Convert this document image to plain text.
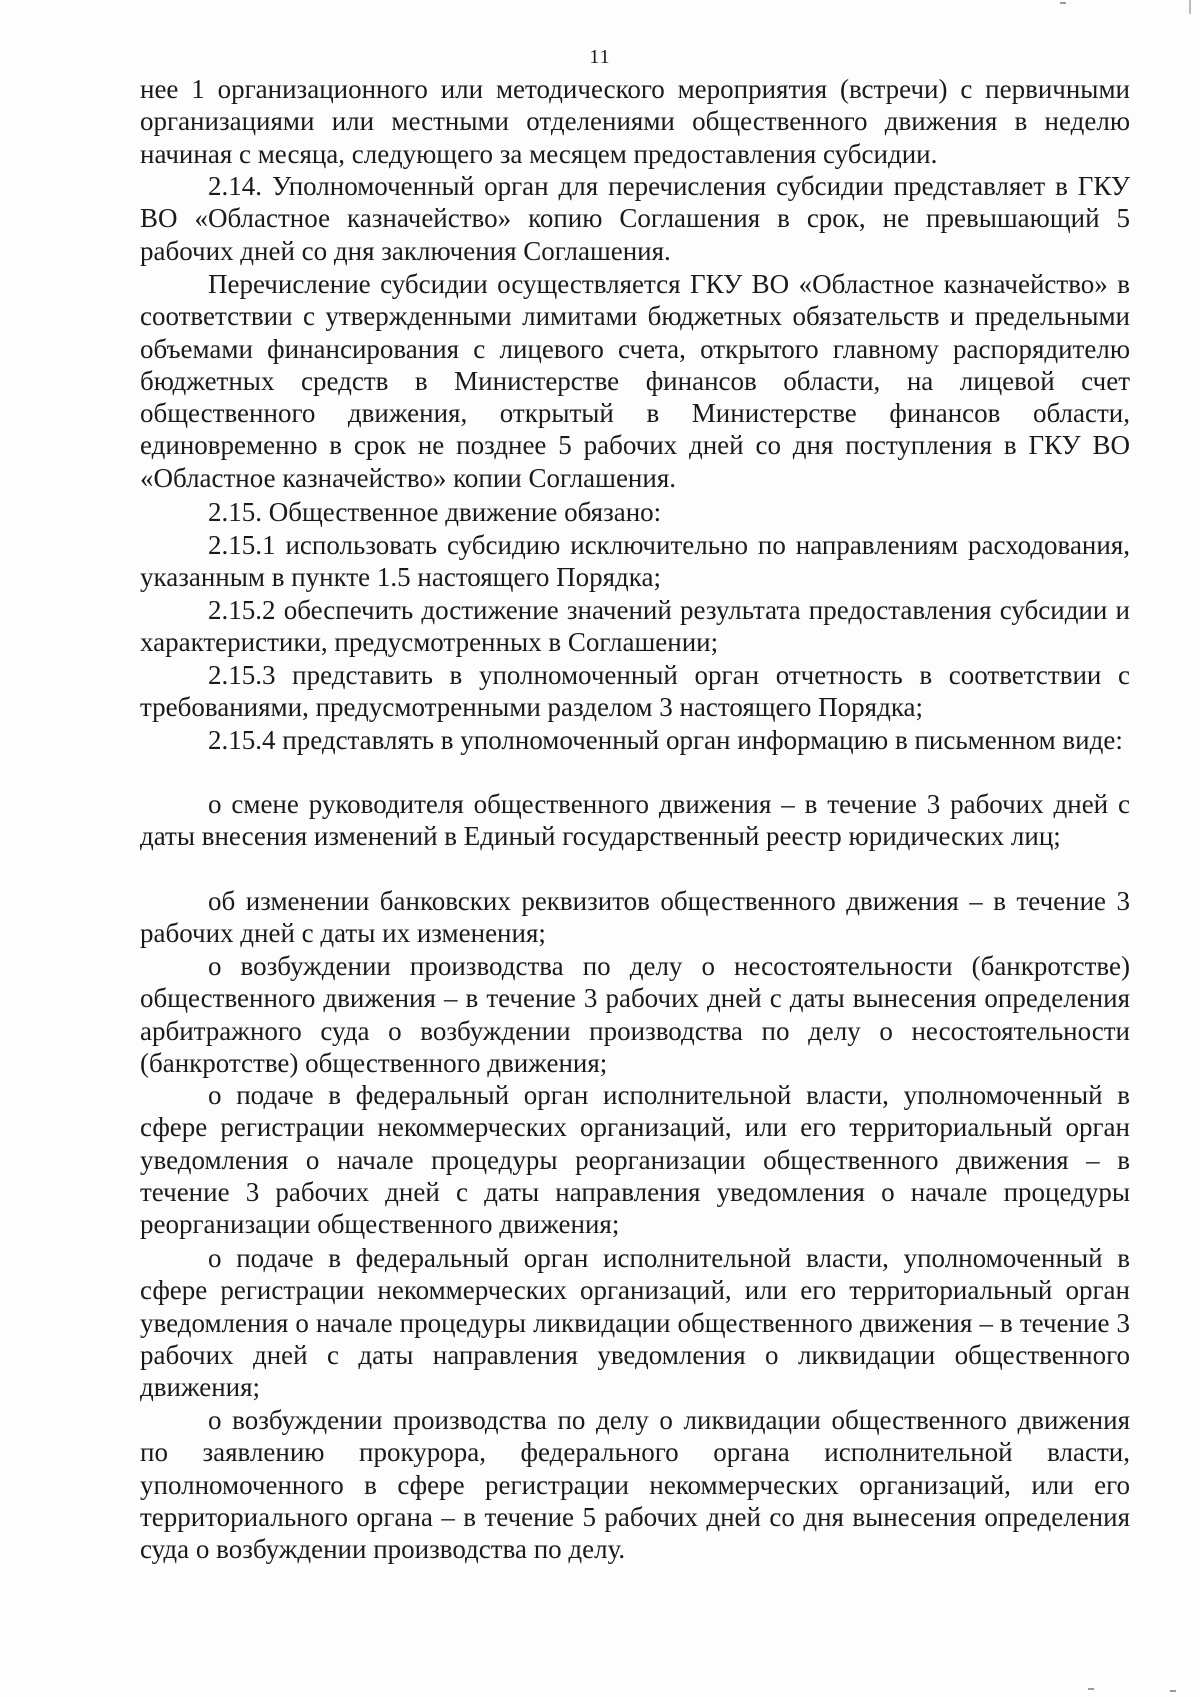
11

нее 1 организационного или методического мероприятия (встречи) с первичными организациями или местными отделениями общественного движения в неделю начиная с месяца, следующего за месяцем предоставления субсидии.

2.14. Уполномоченный орган для перечисления субсидии представляет в ГКУ ВО «Областное казначейство» копию Соглашения в срок, не превышающий 5 рабочих дней со дня заключения Соглашения.

Перечисление субсидии осуществляется ГКУ ВО «Областное казначейство» в соответствии с утвержденными лимитами бюджетных обязательств и предельными объемами финансирования с лицевого счета, открытого главному распорядителю бюджетных средств в Министерстве финансов области, на лицевой счет общественного движения, открытый в Министерстве финансов области, единовременно в срок не позднее 5 рабочих дней со дня поступления в ГКУ ВО «Областное казначейство» копии Соглашения.

2.15. Общественное движение обязано:

2.15.1 использовать субсидию исключительно по направлениям расходования, указанным в пункте 1.5 настоящего Порядка;

2.15.2 обеспечить достижение значений результата предоставления субсидии и характеристики, предусмотренных в Соглашении;

2.15.3 представить в уполномоченный орган отчетность в соответствии с требованиями, предусмотренными разделом 3 настоящего Порядка;

2.15.4 представлять в уполномоченный орган информацию в письменном виде:

о смене руководителя общественного движения – в течение 3 рабочих дней с даты внесения изменений в Единый государственный реестр юридических лиц;

об изменении банковских реквизитов общественного движения – в течение 3 рабочих дней с даты их изменения;

о возбуждении производства по делу о несостоятельности (банкротстве) общественного движения – в течение 3 рабочих дней с даты вынесения определения арбитражного суда о возбуждении производства по делу о несостоятельности (банкротстве) общественного движения;

о подаче в федеральный орган исполнительной власти, уполномоченный в сфере регистрации некоммерческих организаций, или его территориальный орган уведомления о начале процедуры реорганизации общественного движения – в течение 3 рабочих дней с даты направления уведомления о начале процедуры реорганизации общественного движения;

о подаче в федеральный орган исполнительной власти, уполномоченный в сфере регистрации некоммерческих организаций, или его территориальный орган уведомления о начале процедуры ликвидации общественного движения – в течение 3 рабочих дней с даты направления уведомления о ликвидации общественного движения;

о возбуждении производства по делу о ликвидации общественного движения по заявлению прокурора, федерального органа исполнительной власти, уполномоченного в сфере регистрации некоммерческих организаций, или его территориального органа – в течение 5 рабочих дней со дня вынесения определения суда о возбуждении производства по делу.
